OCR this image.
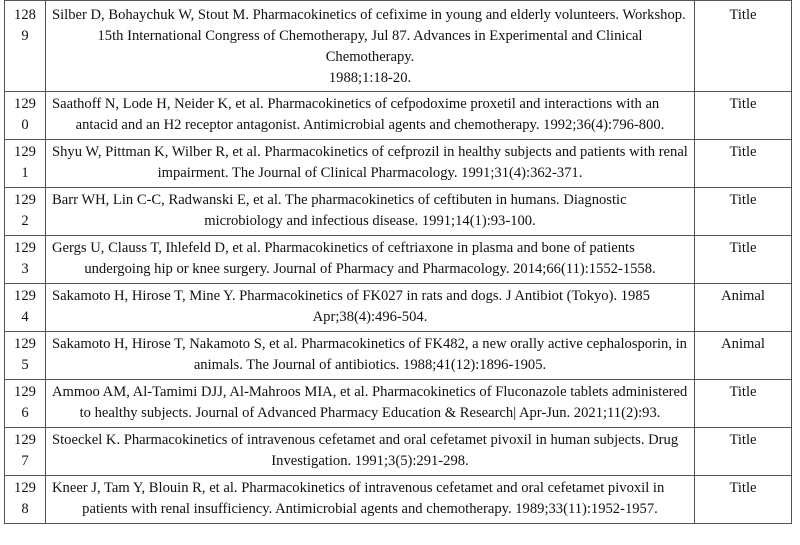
128
9	Silber D, Bohaychuk W, Stout M. Pharmacokinetics of cefixime in young and elderly volunteers. Workshop.
15th International Congress of Chemotherapy, Jul 87. Advances in Experimental and Clinical Chemotherapy.
1988;1:18-20.	Title
129
0	Saathoff N, Lode H, Neider K, et al. Pharmacokinetics of cefpodoxime proxetil and interactions with an
antacid and an H2 receptor antagonist. Antimicrobial agents and chemotherapy. 1992;36(4):796-800.	Title
129
1	Shyu W, Pittman K, Wilber R, et al. Pharmacokinetics of cefprozil in healthy subjects and patients with renal
impairment. The Journal of Clinical Pharmacology. 1991;31(4):362-371.	Title
129
2	Barr WH, Lin C-C, Radwanski E, et al. The pharmacokinetics of ceftibuten in humans. Diagnostic
microbiology and infectious disease. 1991;14(1):93-100.	Title
129
3	Gergs U, Clauss T, Ihlefeld D, et al. Pharmacokinetics of ceftriaxone in plasma and bone of patients
undergoing hip or knee surgery. Journal of Pharmacy and Pharmacology. 2014;66(11):1552-1558.	Title
129
4	Sakamoto H, Hirose T, Mine Y. Pharmacokinetics of FK027 in rats and dogs. J Antibiot (Tokyo). 1985
Apr;38(4):496-504.	Animal
129
5	Sakamoto H, Hirose T, Nakamoto S, et al. Pharmacokinetics of FK482, a new orally active cephalosporin, in
animals. The Journal of antibiotics. 1988;41(12):1896-1905.	Animal
129
6	Ammoo AM, Al-Tamimi DJJ, Al-Mahroos MIA, et al. Pharmacokinetics of Fluconazole tablets administered
to healthy subjects. Journal of Advanced Pharmacy Education & Research| Apr-Jun. 2021;11(2):93.	Title
129
7	Stoeckel K. Pharmacokinetics of intravenous cefetamet and oral cefetamet pivoxil in human subjects. Drug
Investigation. 1991;3(5):291-298.	Title
129
8	Kneer J, Tam Y, Blouin R, et al. Pharmacokinetics of intravenous cefetamet and oral cefetamet pivoxil in
patients with renal insufficiency. Antimicrobial agents and chemotherapy. 1989;33(11):1952-1957.	Title
